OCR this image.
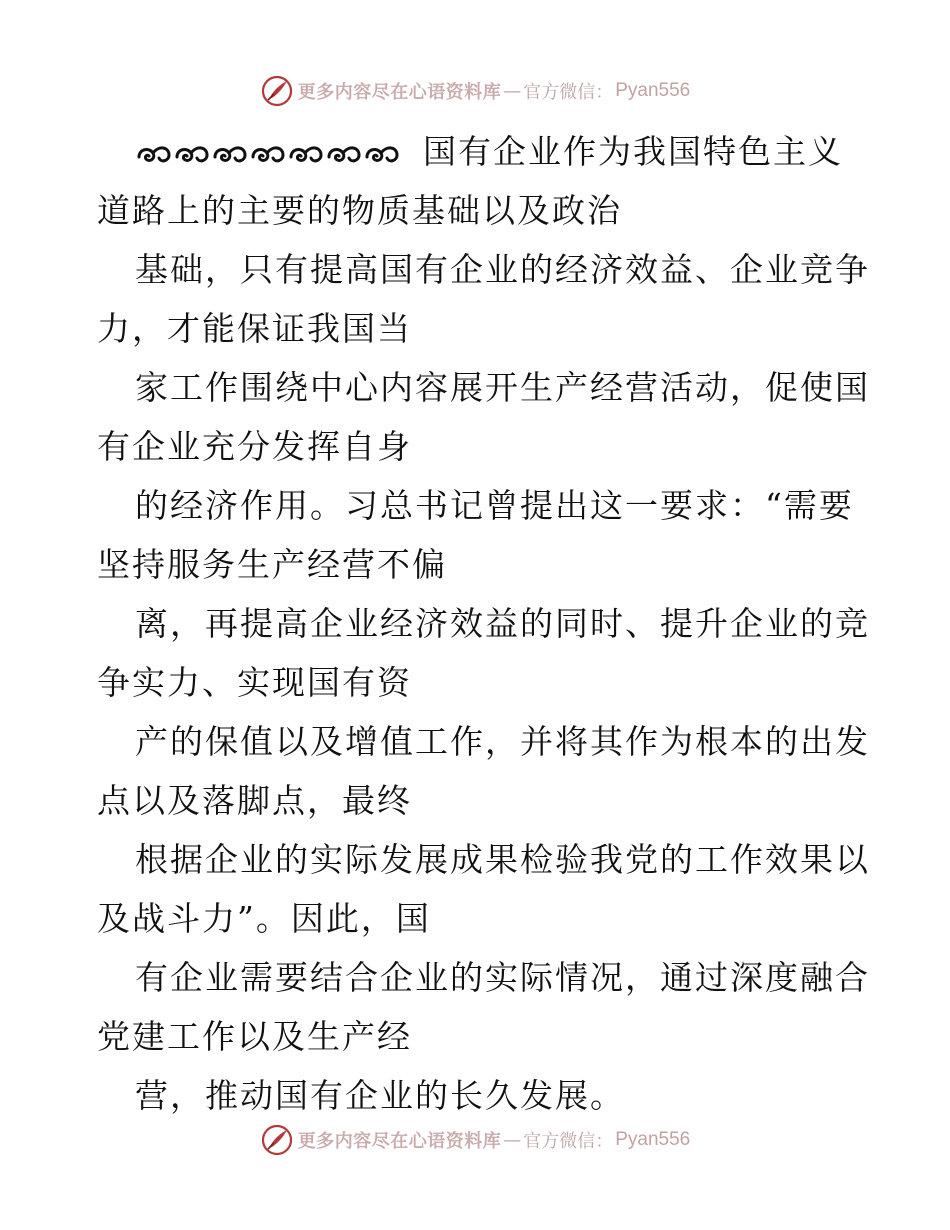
更多内容尽在心语资料库 — 官方微信： Pyan556
国有企业作为我国特色主义
道路上的主要的物质基础以及政治
基础，只有提高国有企业的经济效益、企业竞争
力，才能保证我国当
家工作围绕中心内容展开生产经营活动，促使国
有企业充分发挥自身
的经济作用。习总书记曾提出这一要求：“需要
坚持服务生产经营不偏
离，再提高企业经济效益的同时、提升企业的竞
争实力、实现国有资
产的保值以及增值工作，并将其作为根本的出发
点以及落脚点，最终
根据企业的实际发展成果检验我党的工作效果以
及战斗力”。因此，国
有企业需要结合企业的实际情况，通过深度融合
党建工作以及生产经
营，推动国有企业的长久发展。
更多内容尽在心语资料库 — 官方微信： Pyan556
